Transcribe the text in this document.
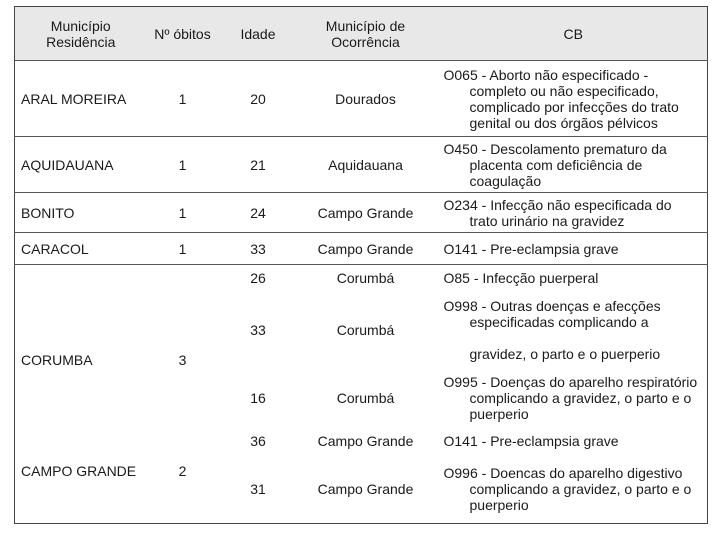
Município Residência	Nº óbitos	Idade	Município de Ocorrência	CB
ARAL MOREIRA	1	20	Dourados	O065 - Aborto não especificado - completo ou não especificado, complicado por infecções do trato genital ou dos órgãos pélvicos

AQUIDAUANA	1	21	Aquidauana	O450 - Descolamento prematuro da placenta com deficiência de coagulação

BONITO	1	24	Campo Grande	O234 - Infecção não especificada do trato urinário na gravidez

CARACOL	1	33	Campo Grande	O141 - Pre-eclampsia grave

CORUMBA	3	26	Corumbá	O85 - Infecção puerperal

		33	Corumbá	O998 - Outras doenças e afecções especificadas complicando a
gravidez, o parto e o puerperio

		16	Corumbá	O995 - Doenças do aparelho respiratório complicando a gravidez, o parto e o puerperio

		36	Campo Grande	O141 - Pre-eclampsia grave

CAMPO GRANDE	2	31	Campo Grande	O996 - Doencas do aparelho digestivo complicando a gravidez, o parto e o puerperio
